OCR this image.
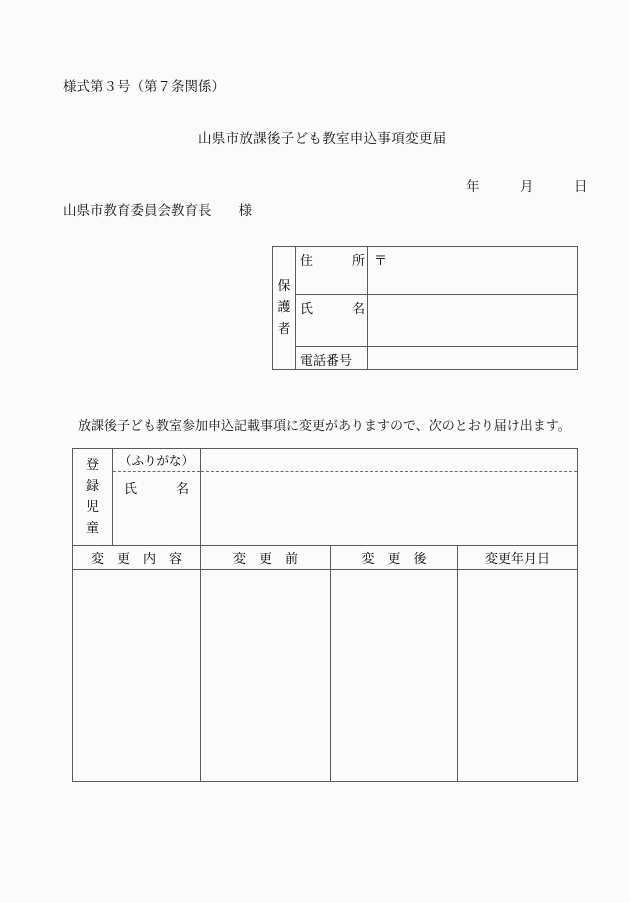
様式第３号（第７条関係）
山県市放課後子ども教室申込事項変更届
年　　　月　　　日
山県市教育委員会教育長　　様
保
護
者
住　　　所 〒
氏　　　名
電話番号
放課後子ども教室参加申込記載事項に変更がありますので、次のとおり届け出ます。
登
録
児
童
（ふりがな）
氏　　　名
変　更　内　容	変　更　前	変　更　後	変更年月日
